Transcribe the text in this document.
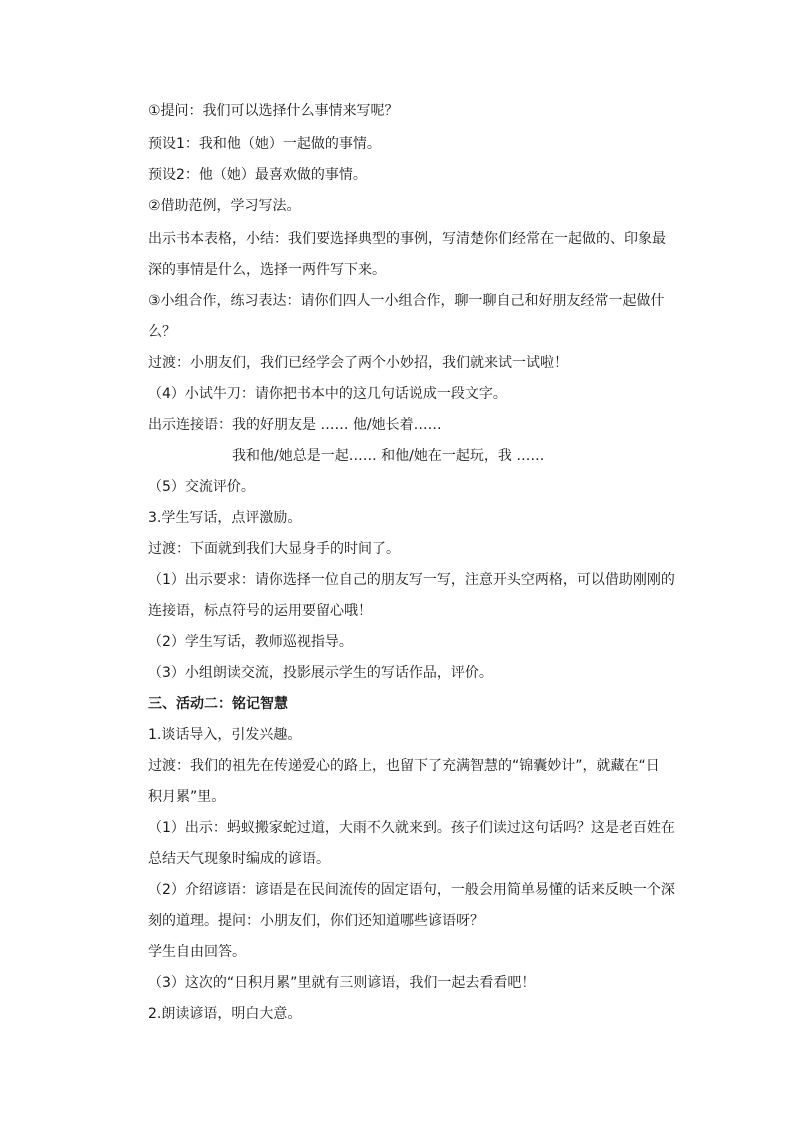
①提问：我们可以选择什么事情来写呢？
预设1：我和他（她）一起做的事情。
预设2：他（她）最喜欢做的事情。
②借助范例，学习写法。
出示书本表格，小结：我们要选择典型的事例，写清楚你们经常在一起做的、印象最
深的事情是什么，选择一两件写下来。
③小组合作，练习表达：请你们四人一小组合作，聊一聊自己和好朋友经常一起做什
么？
过渡：小朋友们，我们已经学会了两个小妙招，我们就来试一试啦！
（4）小试牛刀：请你把书本中的这几句话说成一段文字。
出示连接语：我的好朋友是 …… 他/她长着……
我和他/她总是一起…… 和他/她在一起玩，我 ……
（5）交流评价。
3.学生写话，点评激励。
过渡：下面就到我们大显身手的时间了。
（1）出示要求：请你选择一位自己的朋友写一写，注意开头空两格，可以借助刚刚的
连接语，标点符号的运用要留心哦！
（2）学生写话，教师巡视指导。
（3）小组朗读交流，投影展示学生的写话作品，评价。
三、活动二：铭记智慧
1.谈话导入，引发兴趣。
过渡：我们的祖先在传递爱心的路上，也留下了充满智慧的“锦囊妙计”，就藏在“日
积月累”里。
（1）出示：蚂蚁搬家蛇过道，大雨不久就来到。孩子们读过这句话吗？这是老百姓在
总结天气现象时编成的谚语。
（2）介绍谚语：谚语是在民间流传的固定语句，一般会用简单易懂的话来反映一个深
刻的道理。提问：小朋友们，你们还知道哪些谚语呀？
学生自由回答。
（3）这次的“日积月累”里就有三则谚语，我们一起去看看吧！
2.朗读谚语，明白大意。
